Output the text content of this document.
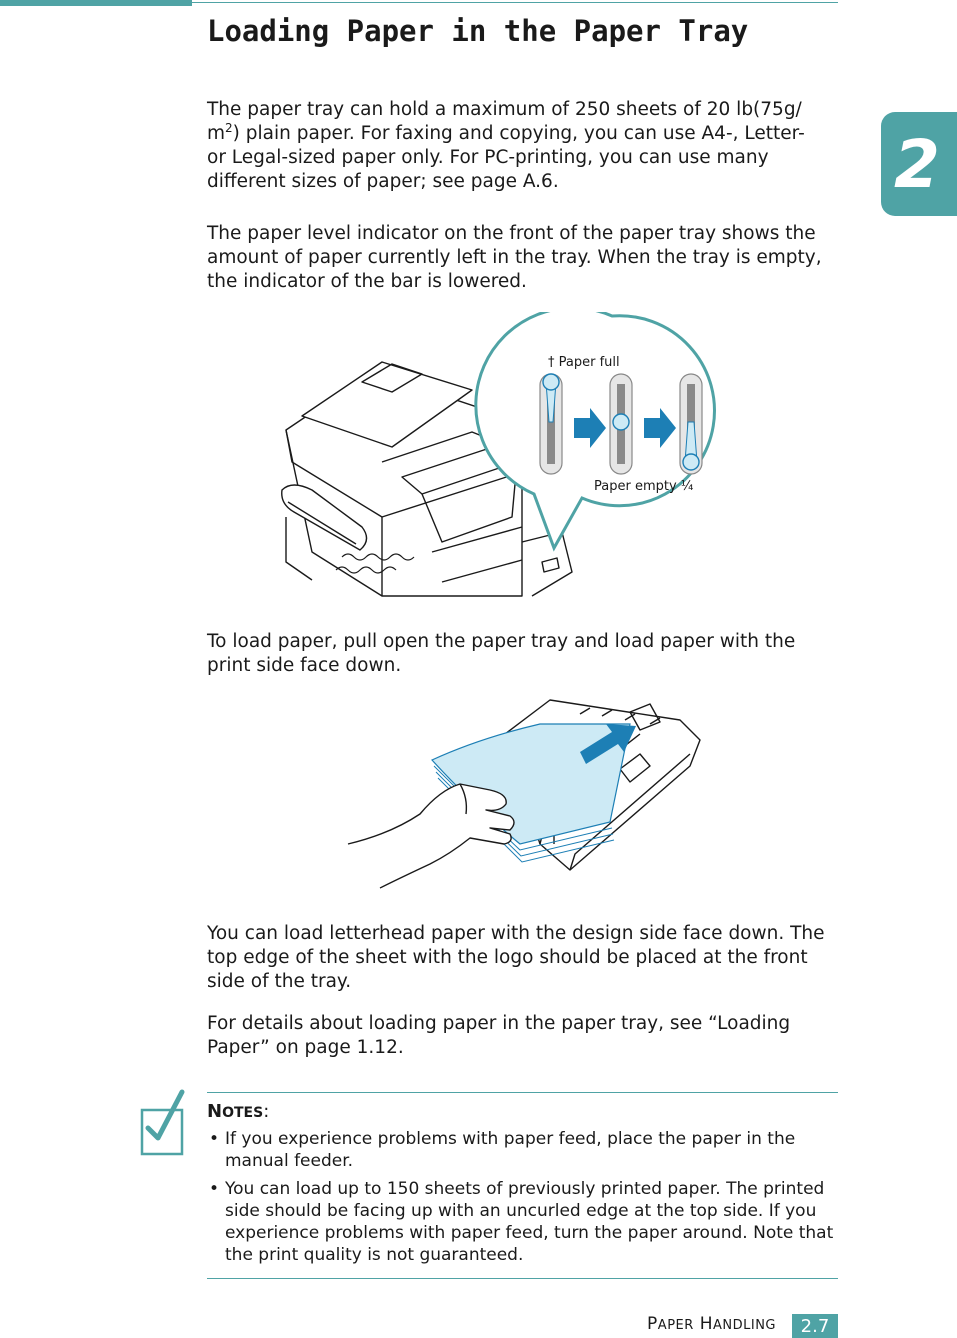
2
Loading Paper in the Paper Tray

The paper tray can hold a maximum of 250 sheets of 20 lb(75g/
$m^2$) plain paper. For faxing and copying, you can use A4-, Letter-
or Legal-sized paper only. For PC-printing, you can use many
different sizes of paper; see page A.6.

The paper level indicator on the front of the paper tray shows the amount of paper currently left in the tray. When the tray is empty, the indicator of the bar is lowered.

† Paper full
Paper empty ¼

To load paper, pull open the paper tray and load paper with the print side face down.

You can load letterhead paper with the design side face down. The top edge of the sheet with the logo should be placed at the front side of the tray.

For details about loading paper in the paper tray, see “Loading Paper” on page 1.12.

NOTES:

• If you experience problems with paper feed, place the paper in the manual feeder.
• You can load up to 150 sheets of previously printed paper. The printed side should be facing up with an uncurled edge at the top side. If you experience problems with paper feed, turn the paper around. Note that the print quality is not guaranteed.
PAPER HANDLING	2.7
